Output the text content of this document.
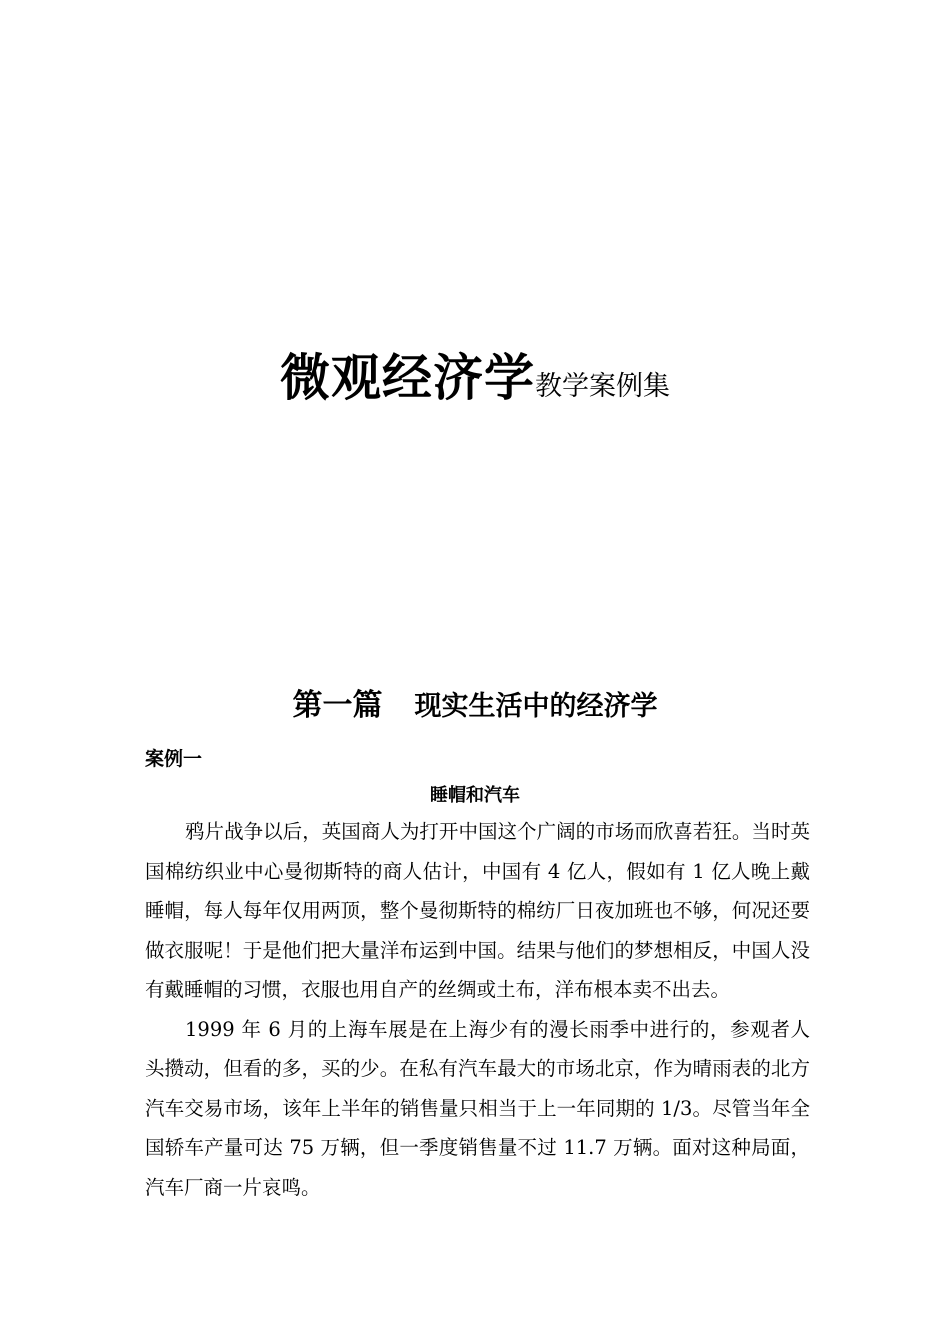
微观经济学教学案例集
第一篇 现实生活中的经济学
案例一
睡帽和汽车

鸦片战争以后，英国商人为打开中国这个广阔的市场而欣喜若狂。当时英国棉纺织业中心曼彻斯特的商人估计，中国有 4 亿人，假如有 1 亿人晚上戴睡帽，每人每年仅用两顶，整个曼彻斯特的棉纺厂日夜加班也不够，何况还要做衣服呢！于是他们把大量洋布运到中国。结果与他们的梦想相反，中国人没有戴睡帽的习惯，衣服也用自产的丝绸或土布，洋布根本卖不出去。

1999 年 6 月的上海车展是在上海少有的漫长雨季中进行的，参观者人头攒动，但看的多，买的少。在私有汽车最大的市场北京，作为晴雨表的北方汽车交易市场，该年上半年的销售量只相当于上一年同期的 1/3。尽管当年全国轿车产量可达 75 万辆，但一季度销售量不过 11.7 万辆。面对这种局面，汽车厂商一片哀鸣。
